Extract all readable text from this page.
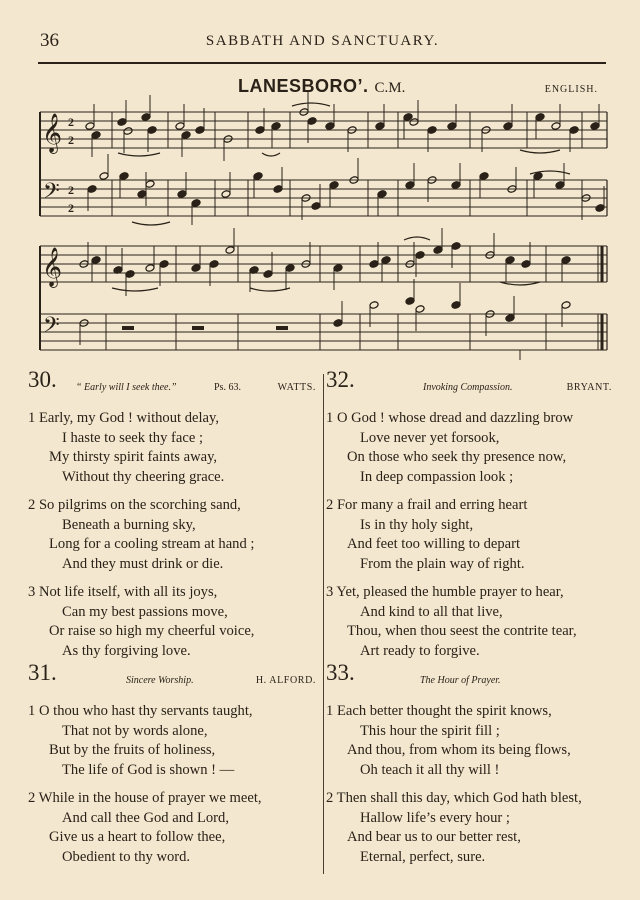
36	SABBATH AND SANCTUARY.
LANESBORO’. C.M.	ENGLISH.
𝄞
𝄢
2
2
2
2
𝄞
𝄢
30. “ Early will I seek thee.”	Ps. 63.	WATTS.
1 Early, my God ! without delay,
I haste to seek thy face ;
My thirsty spirit faints away,
Without thy cheering grace.
2 So pilgrims on the scorching sand,
Beneath a burning sky,
Long for a cooling stream at hand ;
And they must drink or die.
3 Not life itself, with all its joys,
Can my best passions move,
Or raise so high my cheerful voice,
As thy forgiving love.
31.	Sincere Worship.	H. ALFORD.
1 O thou who hast thy servants taught,
That not by words alone,
But by the fruits of holiness,
The life of God is shown ! —
2 While in the house of prayer we meet,
And call thee God and Lord,
Give us a heart to follow thee,
Obedient to thy word.
32.	Invoking Compassion.	BRYANT.
1 O God ! whose dread and dazzling brow
Love never yet forsook,
On those who seek thy presence now,
In deep compassion look ;
2 For many a frail and erring heart
Is in thy holy sight,
And feet too willing to depart
From the plain way of right.
3 Yet, pleased the humble prayer to hear,
And kind to all that live,
Thou, when thou seest the contrite tear,
Art ready to forgive.
33.	The Hour of Prayer.
1 Each better thought the spirit knows,
This hour the spirit fill ;
And thou, from whom its being flows,
Oh teach it all thy will !
2 Then shall this day, which God hath blest,
Hallow life’s every hour ;
And bear us to our better rest,
Eternal, perfect, sure.
